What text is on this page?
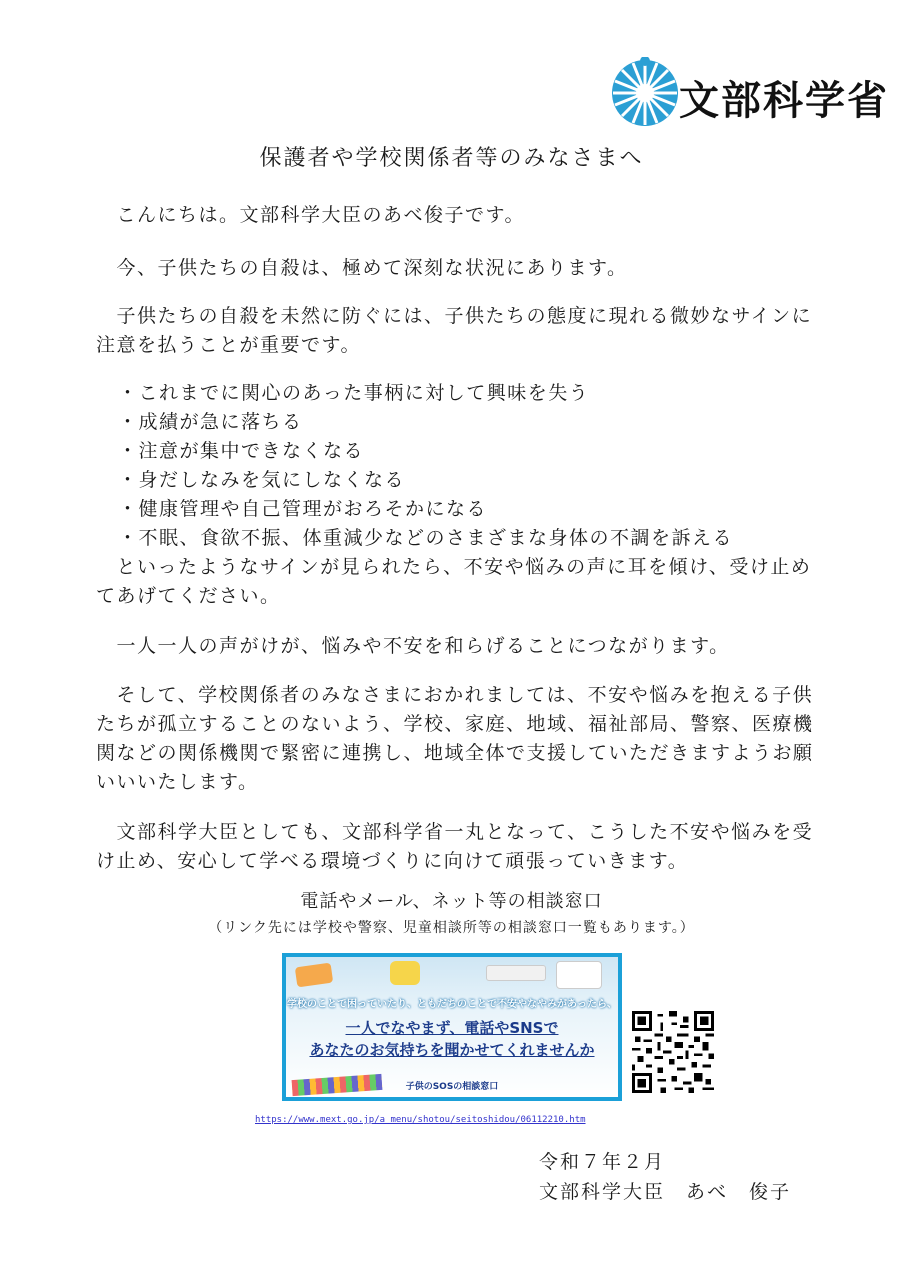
文部科学省
保護者や学校関係者等のみなさまへ

　こんにちは。文部科学大臣のあべ俊子です。

　今、子供たちの自殺は、極めて深刻な状況にあります。

　子供たちの自殺を未然に防ぐには、子供たちの態度に現れる微妙なサインに注意を払うことが重要です。

・これまでに関心のあった事柄に対して興味を失う
・成績が急に落ちる
・注意が集中できなくなる
・身だしなみを気にしなくなる
・健康管理や自己管理がおろそかになる
・不眠、食欲不振、体重減少などのさまざまな身体の不調を訴える

　といったようなサインが見られたら、不安や悩みの声に耳を傾け、受け止めてあげてください。

　一人一人の声がけが、悩みや不安を和らげることにつながります。

　そして、学校関係者のみなさまにおかれましては、不安や悩みを抱える子供たちが孤立することのないよう、学校、家庭、地域、福祉部局、警察、医療機関などの関係機関で緊密に連携し、地域全体で支援していただきますようお願いいいたします。

　文部科学大臣としても、文部科学省一丸となって、こうした不安や悩みを受け止め、安心して学べる環境づくりに向けて頑張っていきます。

電話やメール、ネット等の相談窓口
（リンク先には学校や警察、児童相談所等の相談窓口一覧もあります。）
学校のことで困っていたり、ともだちのことで不安やなやみがあったら、
一人でなやまず、電話やSNSで
あなたのお気持ちを聞かせてくれませんか
子供のSOSの相談窓口
https://www.mext.go.jp/a_menu/shotou/seitoshidou/06112210.htm
令和７年２月
文部科学大臣　あべ　俊子
